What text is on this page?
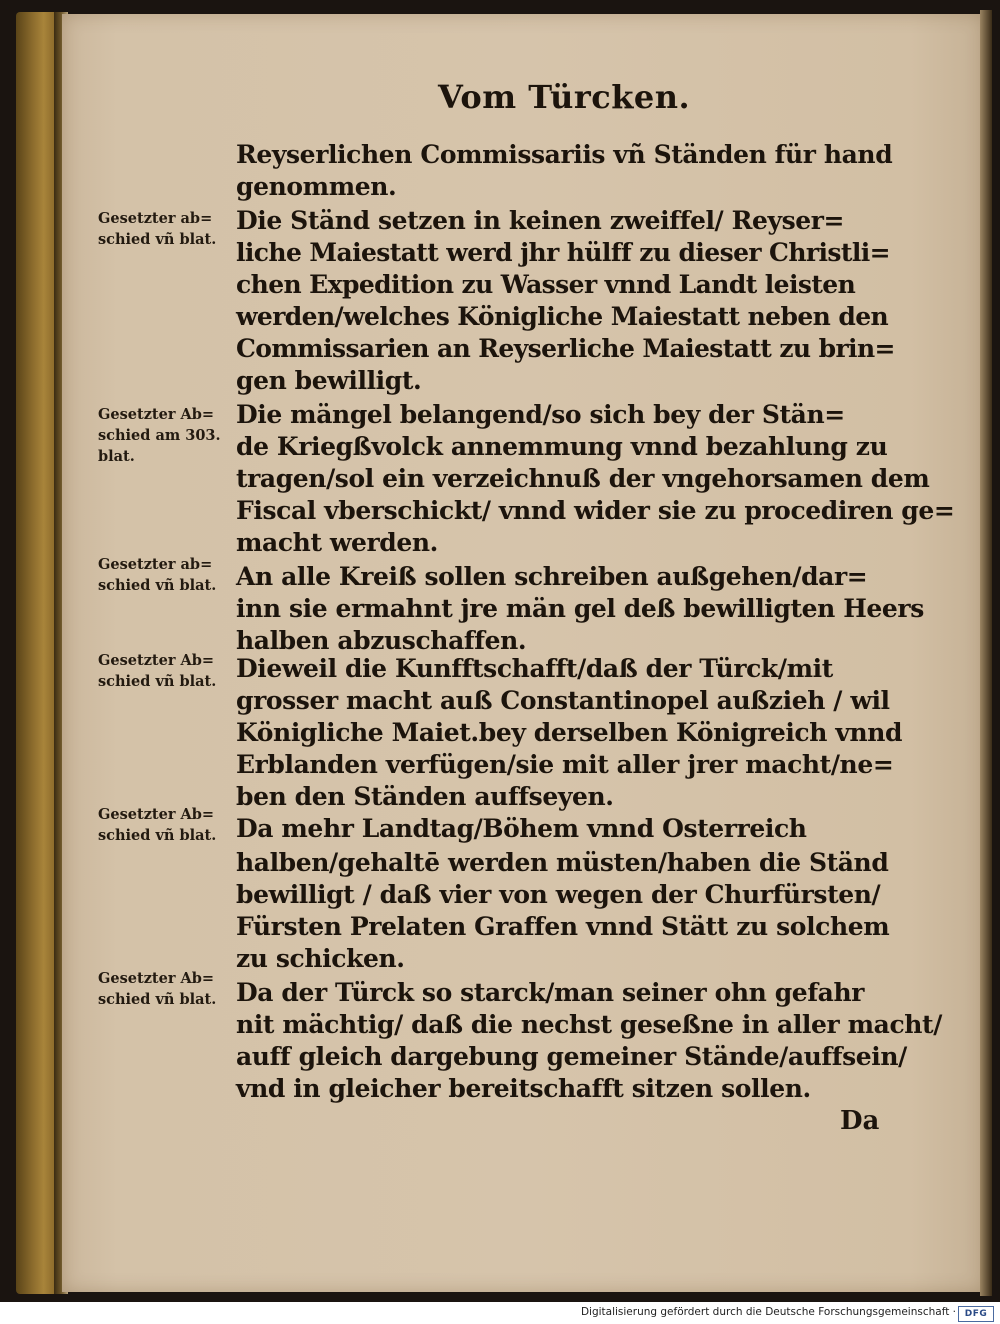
Vom Türcken.
Reyserlichen Commissariis vñ Ständen für hand
genommen.
Die Ständ setzen in keinen zweiffel/ Reyser=
liche Maiestatt werd jhr hülff zu dieser Christli=
chen Expedition zu Wasser vnnd Landt leisten
werden/welches Königliche Maiestatt neben den
Commissarien an Reyserliche Maiestatt zu brin=
gen bewilligt.
Die mängel belangend/so sich bey der Stän=
de Kriegßvolck annemmung vnnd bezahlung zu
tragen/sol ein verzeichnuß der vngehorsamen dem
Fiscal vberschickt/ vnnd wider sie zu procediren ge=
macht werden.
An alle Kreiß sollen schreiben außgehen/dar=
inn sie ermahnt jre män gel deß bewilligten Heers
halben abzuschaffen.
Dieweil die Kunfftschafft/daß der Türck/mit
grosser macht auß Constantinopel außzieh / wil
Königliche Maiet.bey derselben Königreich vnnd
Erblanden verfügen/sie mit aller jrer macht/ne=
ben den Ständen auffseyen.
Da mehr Landtag/Böhem vnnd Osterreich
halben/gehaltē werden müsten/haben die Ständ
bewilligt / daß vier von wegen der Churfürsten/
Fürsten Prelaten Graffen vnnd Stätt zu solchem
zu schicken.
Da der Türck so starck/man seiner ohn gefahr
nit mächtig/ daß die nechst geseßne in aller macht/
auff gleich dargebung gemeiner Stände/auffsein/
vnd in gleicher bereitschafft sitzen sollen.
Gesetzter ab=
schied vñ blat.
Gesetzter Ab=
schied am 303.
blat.
Gesetzter ab=
schied vñ blat.
Gesetzter Ab=
schied vñ blat.
Gesetzter Ab=
schied vñ blat.
Gesetzter Ab=
schied vñ blat.
Da
Digitalisierung gefördert durch die Deutsche Forschungsgemeinschaft · DFG
